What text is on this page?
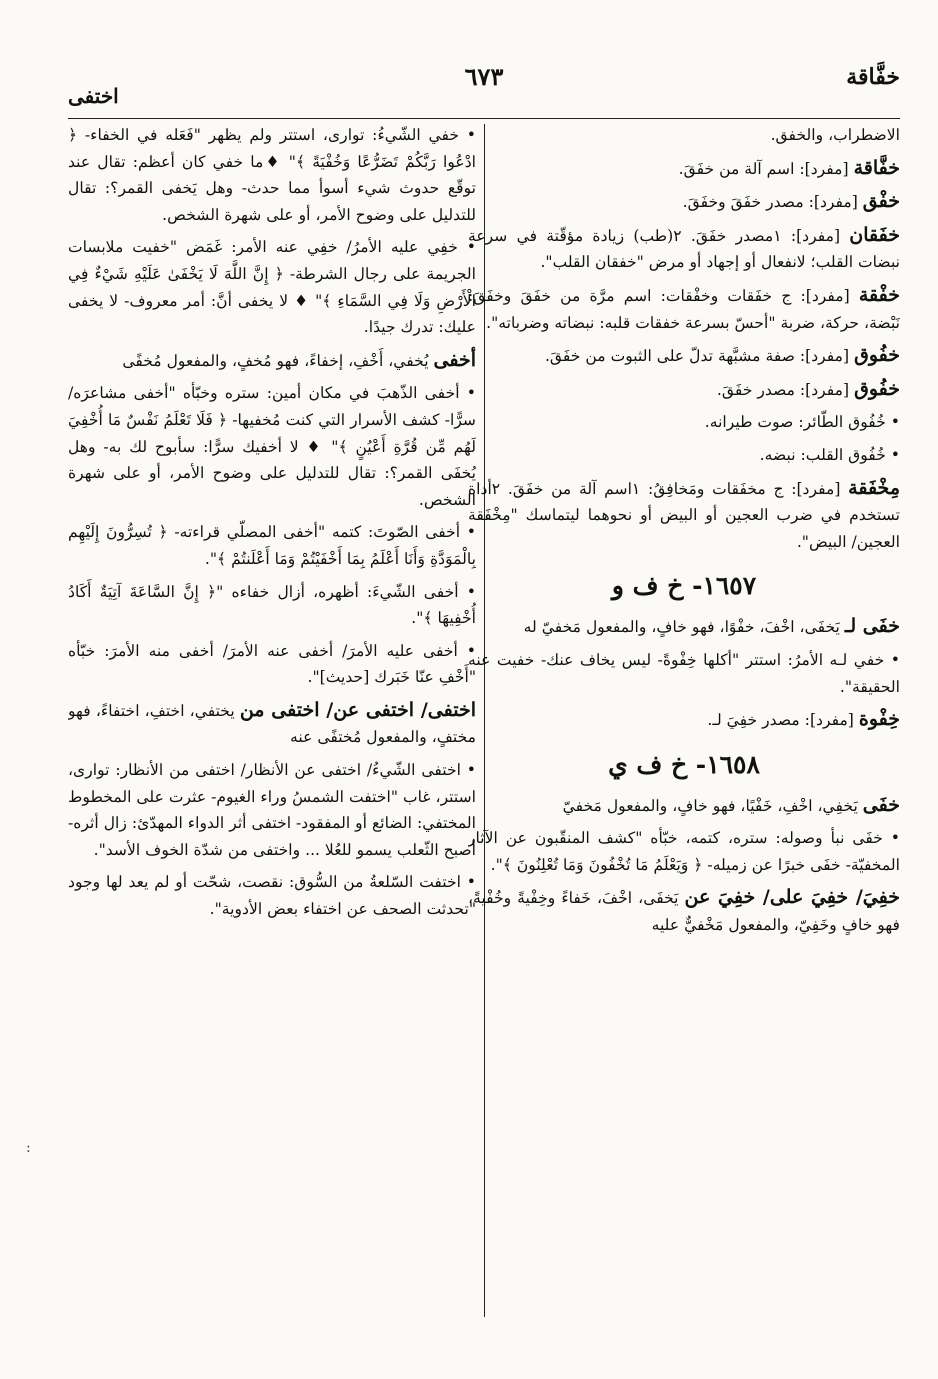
خفَّاقة
٦٧٣
اختفى

الاضطراب، والخفق.

خفَّاقة [مفرد]: اسم آلة من خفَقَ.

خفْق [مفرد]: مصدر خفَقَ وخفَقَ.

خفَقان [مفرد]: ١مصدر خفَقَ. ٢(طب) زيادة مؤقّتة في سرعة نبضات القلب؛ لانفعال أو إجهاد أو مرض "خفقان القلب".

خفْقة [مفرد]: ج خفَقات وخفْقات: اسم مرَّة من خفَقَ وخفَقَ: نَبْضة، حركة، ضربة "أحسّ بسرعة خفقات قلبه: نبضاته وضرباته".

خفُوق [مفرد]: صفة مشبَّهة تدلّ على الثبوت من خفَقَ.

خفُوق [مفرد]: مصدر خفَقَ.

• خُفُوق الطّائر: صوت طيرانه.

• خُفُوق القلب: نبضه.

مِخْفَقة [مفرد]: ج مخفَقات ومَخافِقُ: ١اسم آلة من خفَقَ. ٢أداة تستخدم في ضرب العجين أو البيض أو نحوهما ليتماسك "مِخْفَقة العجين/ البيض".

١٦٥٧- خ ف و

خفَى لـ يَخفَى، اخْفَ، خفْوًا، فهو خافٍ، والمفعول مَخفيّ له

• خفي لـه الأمرُ: استتر "أكلها خِفْوةً- ليس يخاف عنك- خفيت عنه الحقيقة".

خِفْوة [مفرد]: مصدر خفِيَ لـ.

١٦٥٨- خ ف ي

خفَى يَخفِي، اخْفِ، خَفْيًا، فهو خافٍ، والمفعول مَخفيّ

• خفَى نبأ وصوله: ستره، كتمه، خبّأه "كشف المنقّبون عن الآثار المخفيّة- خفَى خبرًا عن زميله- ﴿ وَيَعْلَمُ مَا تُخْفُونَ وَمَا تُعْلِنُونَ ﴾".

خفِيَ/ خفِيَ على/ خفِيَ عن يَخفَى، اخْفَ، خَفاءً وخِفْيةً وخُفْيةً، فهو خافٍ وخَفِيّ، والمفعول مَخْفيٌّ عليه

• خفي الشّيءُ: توارى، استتر ولم يظهر "فَعَله في الخفاء- ﴿ ادْعُوا رَبَّكُمْ تَضَرُّعًا وَخُفْيَةً ﴾" ♦ما خفي كان أعظم: تقال عند توقّع حدوث شيء أسوأ مما حدث- وهل يَخفى القمر؟: تقال للتدليل على وضوح الأمر، أو على شهرة الشخص.

• خفِي عليه الأمرُ/ خفِي عنه الأمر: غَمَض "خفيت ملابسات الجريمة على رجال الشرطة- ﴿ إِنَّ اللَّهَ لَا يَخْفَىٰ عَلَيْهِ شَيْءٌ فِي الْأَرْضِ وَلَا فِي السَّمَاءِ ﴾" ♦ لا يخفى أنَّ: أمر معروف- لا يخفى عليك: تدرك جيدًا.

أخفى يُخفي، أَخْفِ، إخفاءً، فهو مُخفٍ، والمفعول مُخفًى

• أخفى الذّهبَ في مكان أمين: ستره وخبّأه "أخفى مشاعرَه/ سرًّا- كشف الأسرار التي كنت مُخفيها- ﴿ فَلَا تَعْلَمُ نَفْسٌ مَا أُخْفِيَ لَهُم مِّن قُرَّةِ أَعْيُنٍ ﴾" ♦ لا أخفيك سرًّا: سأبوح لك به- وهل يُخفَى القمر؟: تقال للتدليل على وضوح الأمر، أو على شهرة الشخص.

• أخفى الصّوتَ: كتمه "أخفى المصلّي قراءته- ﴿ تُسِرُّونَ إِلَيْهِم بِالْمَوَدَّةِ وَأَنَا أَعْلَمُ بِمَا أَخْفَيْتُمْ وَمَا أَعْلَنتُمْ ﴾".

• أخفى الشّيءَ: أظهره، أزال خفاءه "﴿ إِنَّ السَّاعَةَ آتِيَةٌ أَكَادُ أُخْفِيهَا ﴾".

• أخفى عليه الأمرَ/ أخفى عنه الأمرَ/ أخفى منه الأمرَ: خبّأه "أَخْفِ عنّا خَبَرك [حديث]".

اختفى/ اختفى عن/ اختفى من يختفي، اختفِ، اختفاءً، فهو مختفٍ، والمفعول مُختفًى عنه

• اختفى الشّيءُ/ اختفى عن الأنظار/ اختفى من الأنظار: توارى، استتر، غاب "اختفت الشمسُ وراء الغيوم- عثرت على المخطوط المختفي: الضائع أو المفقود- اختفى أثر الدواء المهدّئ: زال أثره- أصبح الثّعلب يسمو للعُلا ... واختفى من شدّة الخوف الأسد".

• اختفت السّلعةُ من السُّوق: نقصت، شحّت أو لم يعد لها وجود "تحدثت الصحف عن اختفاء بعض الأدوية".

:
